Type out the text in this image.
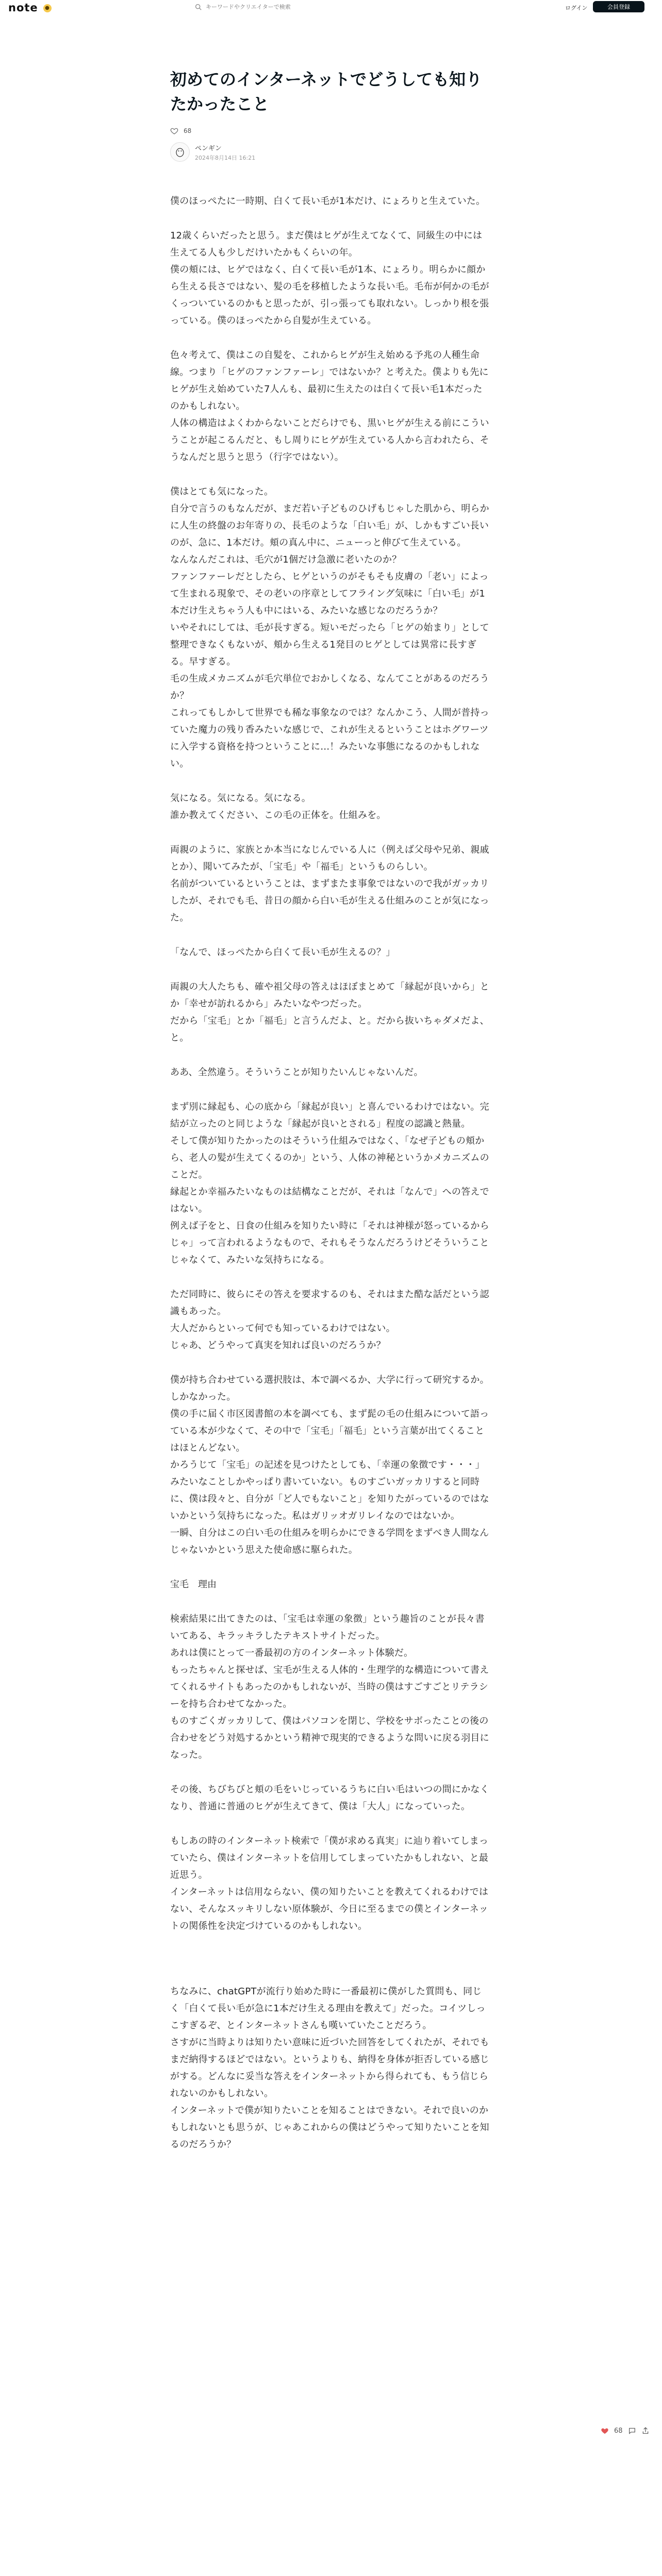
note ●
キーワードやクリエイターで検索	ログイン	会員登録
初めてのインターネットでどうしても知りたかったこと
68
ペンギン
2024年8月14日 16:21

僕のほっぺたに一時期、白くて長い毛が1本だけ、にょろりと生えていた。

12歳くらいだったと思う。まだ僕はヒゲが生えてなくて、同級生の中には生えてる人も少しだけいたかもくらいの年。
僕の頬には、ヒゲではなく、白くて長い毛が1本、にょろり。明らかに顔から生える長さではない、髪の毛を移植したような長い毛。毛布が何かの毛がくっついているのかもと思ったが、引っ張っても取れない。しっかり根を張っている。僕のほっぺたから自髪が生えている。

色々考えて、僕はこの自髪を、これからヒゲが生え始める予兆の人種生命線。つまり「ヒゲのファンファーレ」ではないか？と考えた。僕よりも先にヒゲが生え始めていた7人んも、最初に生えたのは白くて長い毛1本だったのかもしれない。
人体の構造はよくわからないことだらけでも、黒いヒゲが生える前にこういうことが起こるんだと、もし周りにヒゲが生えている人から言われたら、そうなんだと思うと思う（行字ではない）。

僕はとても気になった。
自分で言うのもなんだが、まだ若い子どものひげもじゃした肌から、明らかに人生の終盤のお年寄りの、長毛のような「白い毛」が、しかもすごい長いのが、急に、1本だけ。頬の真ん中に、ニューっと伸びて生えている。
なんなんだこれは、毛穴が1個だけ急激に老いたのか？
ファンファーレだとしたら、ヒゲというのがそもそも皮膚の「老い」によって生まれる現象で、その老いの序章としてフライング気味に「白い毛」が1本だけ生えちゃう人も中にはいる、みたいな感じなのだろうか？
いやそれにしては、毛が長すぎる。短いモだったら「ヒゲの始まり」として整理できなくもないが、頬から生える1発目のヒゲとしては異常に長すぎる。早すぎる。
毛の生成メカニズムが毛穴単位でおかしくなる、なんてことがあるのだろうか？
これってもしかして世界でも稀な事象なのでは？なんかこう、人間が普持っていた魔力の残り香みたいな感じで、これが生えるということはホグワーツに入学する資格を持つということに…！みたいな事態になるのかもしれない。

気になる。気になる。気になる。
誰か教えてください、この毛の正体を。仕組みを。

両親のように、家族とか本当になじんでいる人に（例えば父母や兄弟、親戚とか）、聞いてみたが、「宝毛」や「福毛」というものらしい。
名前がついているということは、まずまたま事象ではないので我がガッカリしたが、それでも毛、昔日の顔から白い毛が生える仕組みのことが気になった。

「なんで、ほっぺたから白くて長い毛が生えるの？」

両親の大人たちも、確や祖父母の答えはほぼまとめて「縁起が良いから」とか「幸せが訪れるから」みたいなやつだった。
だから「宝毛」とか「福毛」と言うんだよ、と。だから抜いちゃダメだよ、と。

ああ、全然違う。そういうことが知りたいんじゃないんだ。

まず別に縁起も、心の底から「縁起が良い」と喜んでいるわけではない。完結が立ったのと同じような「縁起が良いとされる」程度の認識と熱量。
そして僕が知りたかったのはそういう仕組みではなく、「なぜ子どもの頬から、老人の髪が生えてくるのか」という、人体の神秘というかメカニズムのことだ。
縁起とか幸福みたいなものは結構なことだが、それは「なんで」への答えではない。
例えば子をと、日食の仕組みを知りたい時に「それは神様が怒っているからじゃ」って言われるようなもので、それもそうなんだろうけどそういうことじゃなくて、みたいな気持ちになる。

ただ同時に、彼らにその答えを要求するのも、それはまた酷な話だという認識もあった。
大人だからといって何でも知っているわけではない。
じゃあ、どうやって真実を知れば良いのだろうか？

僕が持ち合わせている選択肢は、本で調べるか、大学に行って研究するか。しかなかった。
僕の手に届く市区図書館の本を調べても、まず髭の毛の仕組みについて語っている本が少なくて、その中で「宝毛」「福毛」という言葉が出てくることはほとんどない。
かろうじて「宝毛」の記述を見つけたとしても、「幸運の象徴です・・・」みたいなことしかやっぱり書いていない。ものすごいガッカリすると同時に、僕は段々と、自分が「ど人でもないこと」を知りたがっているのではないかという気持ちになった。私はガリッオガリレイなのではないか。
一瞬、自分はこの白い毛の仕組みを明らかにできる学問をまずべき人間なんじゃないかという思えた使命感に駆られた。

宝毛　理由

検索結果に出てきたのは、「宝毛は幸運の象徴」という趣旨のことが長々書いてある、キラッキラしたテキストサイトだった。
あれは僕にとって一番最初の方のインターネット体験だ。
もったちゃんと探せば、宝毛が生える人体的・生理学的な構造について書えてくれるサイトもあったのかもしれないが、当時の僕はすごすごとリテラシーを持ち合わせてなかった。
ものすごくガッカリして、僕はパソコンを閉じ、学校をサボったことの後の合わせをどう対処するかという精神で現実的できるような問いに戻る羽目になった。

その後、ちびちびと頬の毛をいじっているうちに白い毛はいつの間にかなくなり、普通に普通のヒゲが生えてきて、僕は「大人」になっていった。

もしあの時のインターネット検索で「僕が求める真実」に辿り着いてしまっていたら、僕はインターネットを信用してしまっていたかもしれない、と最近思う。
インターネットは信用ならない、僕の知りたいことを教えてくれるわけではない、そんなスッキリしない原体験が、今日に至るまでの僕とインターネットの関係性を決定づけているのかもしれない。

ちなみに、chatGPTが流行り始めた時に一番最初に僕がした質問も、同じく「白くて長い毛が急に1本だけ生える理由を教えて」だった。コイツしっこすぎるぞ、とインターネットさんも嘆いていたことだろう。
さすがに当時よりは知りたい意味に近づいた回答をしてくれたが、それでもまだ納得するほどではない。というよりも、納得を身体が拒否している感じがする。どんなに妥当な答えをインターネットから得られても、もう信じられないのかもしれない。
インターネットで僕が知りたいことを知ることはできない。それで良いのかもしれないとも思うが、じゃあこれからの僕はどうやって知りたいことを知るのだろうか？

68
